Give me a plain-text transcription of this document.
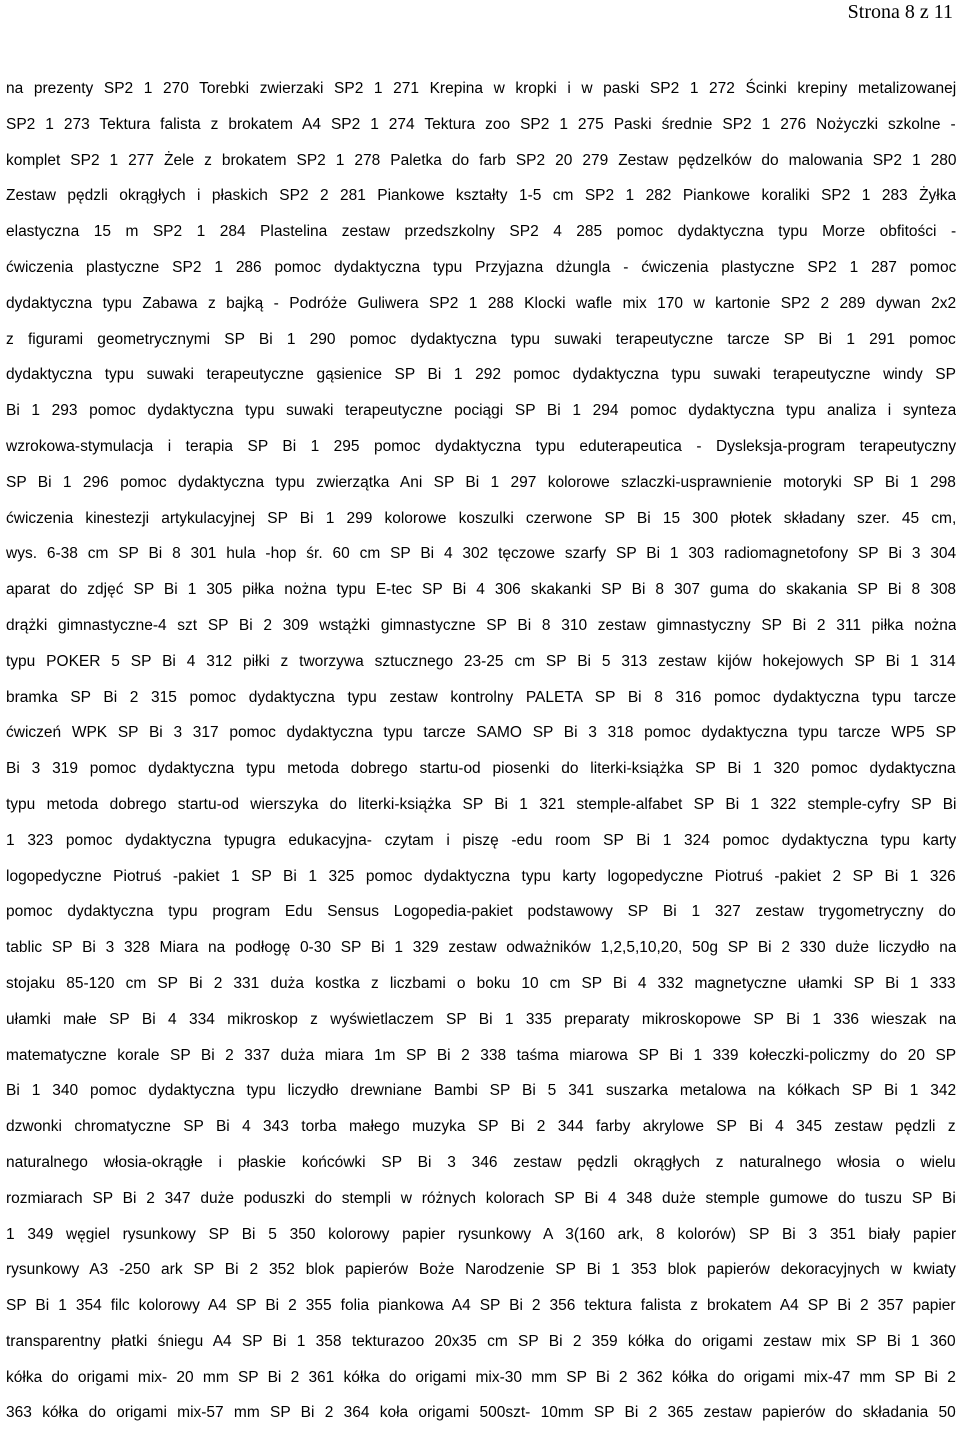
Strona 8 z 11
na prezenty SP2 1 270 Torebki zwierzaki SP2 1 271 Krepina w kropki i w paski SP2 1 272 Ścinki krepiny metalizowanej
SP2 1 273 Tektura falista z brokatem A4 SP2 1 274 Tektura zoo SP2 1 275 Paski średnie SP2 1 276 Nożyczki szkolne -
komplet SP2 1 277 Żele z brokatem SP2 1 278 Paletka do farb SP2 20 279 Zestaw pędzelków do malowania SP2 1 280
Zestaw pędzli okrągłych i płaskich SP2 2 281 Piankowe kształty 1-5 cm SP2 1 282 Piankowe koraliki SP2 1 283 Żyłka
elastyczna 15 m SP2 1 284 Plastelina zestaw przedszkolny SP2 4 285 pomoc dydaktyczna typu Morze obfitości -
ćwiczenia plastyczne SP2 1 286 pomoc dydaktyczna typu Przyjazna dżungla - ćwiczenia plastyczne SP2 1 287 pomoc
dydaktyczna typu Zabawa z bajką - Podróże Guliwera SP2 1 288 Klocki wafle mix 170 w kartonie SP2 2 289 dywan 2x2
z figurami geometrycznymi SP Bi 1 290 pomoc dydaktyczna typu suwaki terapeutyczne tarcze SP Bi 1 291 pomoc
dydaktyczna typu suwaki terapeutyczne gąsienice SP Bi 1 292 pomoc dydaktyczna typu suwaki terapeutyczne windy SP
Bi 1 293 pomoc dydaktyczna typu suwaki terapeutyczne pociągi SP Bi 1 294 pomoc dydaktyczna typu analiza i synteza
wzrokowa-stymulacja i terapia SP Bi 1 295 pomoc dydaktyczna typu eduterapeutica - Dysleksja-program terapeutyczny
SP Bi 1 296 pomoc dydaktyczna typu zwierzątka Ani SP Bi 1 297 kolorowe szlaczki-usprawnienie motoryki SP Bi 1 298
ćwiczenia kinestezji artykulacyjnej SP Bi 1 299 kolorowe koszulki czerwone SP Bi 15 300 płotek składany szer. 45 cm,
wys. 6-38 cm SP Bi 8 301 hula -hop śr. 60 cm SP Bi 4 302 tęczowe szarfy SP Bi 1 303 radiomagnetofony SP Bi 3 304
aparat do zdjęć SP Bi 1 305 piłka nożna typu E-tec SP Bi 4 306 skakanki SP Bi 8 307 guma do skakania SP Bi 8 308
drążki gimnastyczne-4 szt SP Bi 2 309 wstążki gimnastyczne SP Bi 8 310 zestaw gimnastyczny SP Bi 2 311 piłka nożna
typu POKER 5 SP Bi 4 312 piłki z tworzywa sztucznego 23-25 cm SP Bi 5 313 zestaw kijów hokejowych SP Bi 1 314
bramka SP Bi 2 315 pomoc dydaktyczna typu zestaw kontrolny PALETA SP Bi 8 316 pomoc dydaktyczna typu tarcze
ćwiczeń WPK SP Bi 3 317 pomoc dydaktyczna typu tarcze SAMO SP Bi 3 318 pomoc dydaktyczna typu tarcze WP5 SP
Bi 3 319 pomoc dydaktyczna typu metoda dobrego startu-od piosenki do literki-książka SP Bi 1 320 pomoc dydaktyczna
typu metoda dobrego startu-od wierszyka do literki-książka SP Bi 1 321 stemple-alfabet SP Bi 1 322 stemple-cyfry SP Bi
1 323 pomoc dydaktyczna typugra edukacyjna- czytam i piszę -edu room SP Bi 1 324 pomoc dydaktyczna typu karty
logopedyczne Piotruś -pakiet 1 SP Bi 1 325 pomoc dydaktyczna typu karty logopedyczne Piotruś -pakiet 2 SP Bi 1 326
pomoc dydaktyczna typu program Edu Sensus Logopedia-pakiet podstawowy SP Bi 1 327 zestaw trygometryczny do
tablic SP Bi 3 328 Miara na podłogę 0-30 SP Bi 1 329 zestaw odważników 1,2,5,10,20, 50g SP Bi 2 330 duże liczydło na
stojaku 85-120 cm SP Bi 2 331 duża kostka z liczbami o boku 10 cm SP Bi 4 332 magnetyczne ułamki SP Bi 1 333
ułamki małe SP Bi 4 334 mikroskop z wyświetlaczem SP Bi 1 335 preparaty mikroskopowe SP Bi 1 336 wieszak na
matematyczne korale SP Bi 2 337 duża miara 1m SP Bi 2 338 taśma miarowa SP Bi 1 339 kołeczki-policzmy do 20 SP
Bi 1 340 pomoc dydaktyczna typu liczydło drewniane Bambi SP Bi 5 341 suszarka metalowa na kółkach SP Bi 1 342
dzwonki chromatyczne SP Bi 4 343 torba małego muzyka SP Bi 2 344 farby akrylowe SP Bi 4 345 zestaw pędzli z
naturalnego włosia-okrągłe i płaskie końcówki SP Bi 3 346 zestaw pędzli okrągłych z naturalnego włosia o wielu
rozmiarach SP Bi 2 347 duże poduszki do stempli w różnych kolorach SP Bi 4 348 duże stemple gumowe do tuszu SP Bi
1 349 węgiel rysunkowy SP Bi 5 350 kolorowy papier rysunkowy A 3(160 ark, 8 kolorów) SP Bi 3 351 biały papier
rysunkowy A3 -250 ark SP Bi 2 352 blok papierów Boże Narodzenie SP Bi 1 353 blok papierów dekoracyjnych w kwiaty
SP Bi 1 354 filc kolorowy A4 SP Bi 2 355 folia piankowa A4 SP Bi 2 356 tektura falista z brokatem A4 SP Bi 2 357 papier
transparentny płatki śniegu A4 SP Bi 1 358 tekturazoo 20x35 cm SP Bi 2 359 kółka do origami zestaw mix SP Bi 1 360
kółka do origami mix- 20 mm SP Bi 2 361 kółka do origami mix-30 mm SP Bi 2 362 kółka do origami mix-47 mm SP Bi 2
363 kółka do origami mix-57 mm SP Bi 2 364 koła origami 500szt- 10mm SP Bi 2 365 zestaw papierów do składania 50
